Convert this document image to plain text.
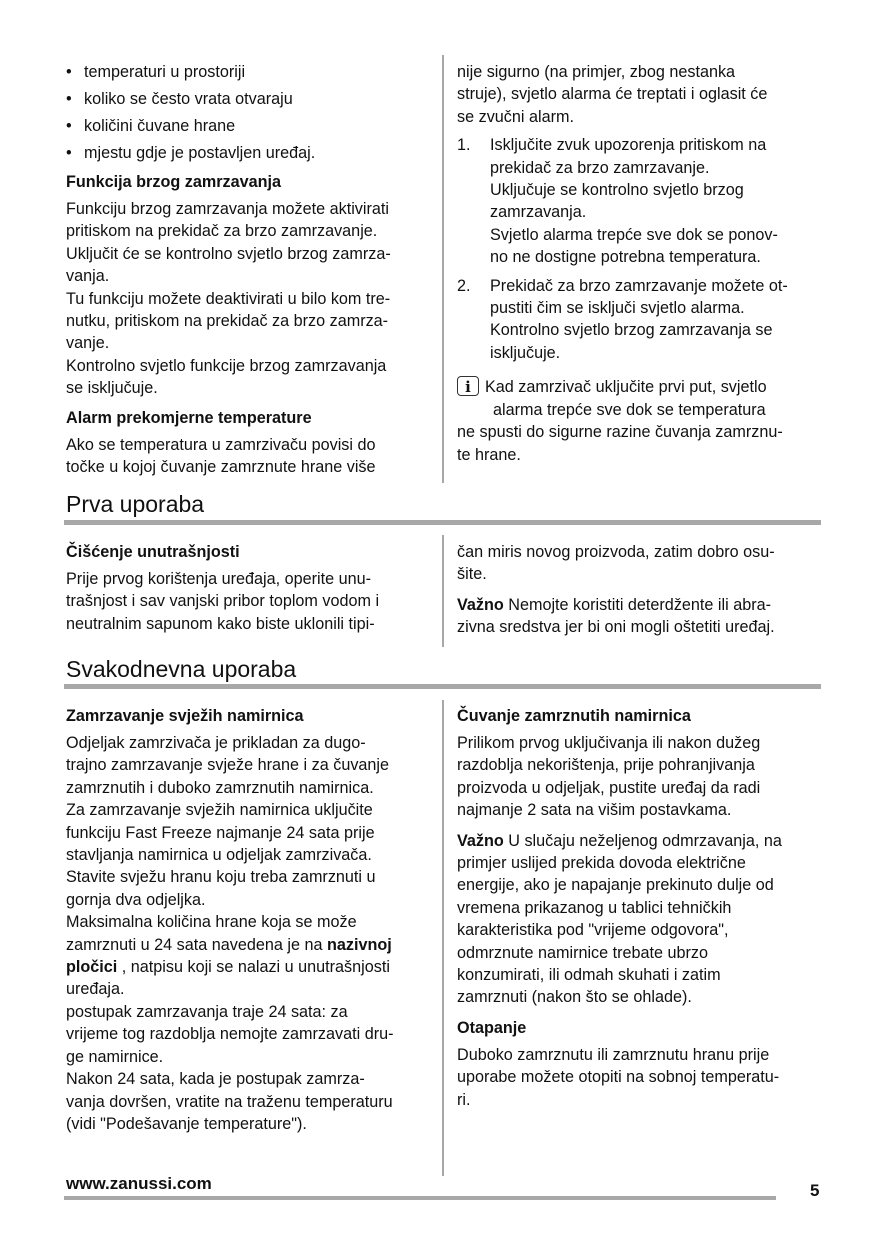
• temperaturi u prostoriji
• koliko se često vrata otvaraju
• količini čuvane hrane
• mjestu gdje je postavljen uređaj.

Funkcija brzog zamrzavanja

Funkciju brzog zamrzavanja možete aktivirati

pritiskom na prekidač za brzo zamrzavanje.

Uključit će se kontrolno svjetlo brzog zamrza-

vanja.

Tu funkciju možete deaktivirati u bilo kom tre-

nutku, pritiskom na prekidač za brzo zamrza-

vanje.

Kontrolno svjetlo funkcije brzog zamrzavanja

se isključuje.

Alarm prekomjerne temperature

Ako se temperatura u zamrzivaču povisi do

točke u kojoj čuvanje zamrznute hrane više

nije sigurno (na primjer, zbog nestanka

struje), svjetlo alarma će treptati i oglasit će

se zvučni alarm.

1. Isključite zvuk upozorenja pritiskom na

prekidač za brzo zamrzavanje.

Uključuje se kontrolno svjetlo brzog

zamrzavanja.

Svjetlo alarma trepće sve dok se ponov-

no ne dostigne potrebna temperatura.

2. Prekidač za brzo zamrzavanje možete ot-

pustiti čim se isključi svjetlo alarma.

Kontrolno svjetlo brzog zamrzavanja se

isključuje.

i Kad zamrzivač uključite prvi put, svjetlo

alarma trepće sve dok se temperatura

ne spusti do sigurne razine čuvanja zamrznu-

te hrane.

Prva uporaba

Čišćenje unutrašnjosti

Prije prvog korištenja uređaja, operite unu-

trašnjost i sav vanjski pribor toplom vodom i

neutralnim sapunom kako biste uklonili tipi-

čan miris novog proizvoda, zatim dobro osu-

šite.

Važno Nemojte koristiti deterdžente ili abra-

zivna sredstva jer bi oni mogli oštetiti uređaj.

Svakodnevna uporaba

Zamrzavanje svježih namirnica

Odjeljak zamrzivača je prikladan za dugo-

trajno zamrzavanje svježe hrane i za čuvanje

zamrznutih i duboko zamrznutih namirnica.

Za zamrzavanje svježih namirnica uključite

funkciju Fast Freeze najmanje 24 sata prije

stavljanja namirnica u odjeljak zamrzivača.

Stavite svježu hranu koju treba zamrznuti u

gornja dva odjeljka.

Maksimalna količina hrane koja se može

zamrznuti u 24 sata navedena je na nazivnoj

pločici , natpisu koji se nalazi u unutrašnjosti

uređaja.

postupak zamrzavanja traje 24 sata: za

vrijeme tog razdoblja nemojte zamrzavati dru-

ge namirnice.

Nakon 24 sata, kada je postupak zamrza-

vanja dovršen, vratite na traženu temperaturu

(vidi "Podešavanje temperature").

Čuvanje zamrznutih namirnica

Prilikom prvog uključivanja ili nakon dužeg

razdoblja nekorištenja, prije pohranjivanja

proizvoda u odjeljak, pustite uređaj da radi

najmanje 2 sata na višim postavkama.

Važno U slučaju neželjenog odmrzavanja, na

primjer uslijed prekida dovoda električne

energije, ako je napajanje prekinuto dulje od

vremena prikazanog u tablici tehničkih

karakteristika pod "vrijeme odgovora",

odmrznute namirnice trebate ubrzo

konzumirati, ili odmah skuhati i zatim

zamrznuti (nakon što se ohlade).

Otapanje

Duboko zamrznutu ili zamrznutu hranu prije

uporabe možete otopiti na sobnoj temperatu-

ri.

www.zanussi.com	5
